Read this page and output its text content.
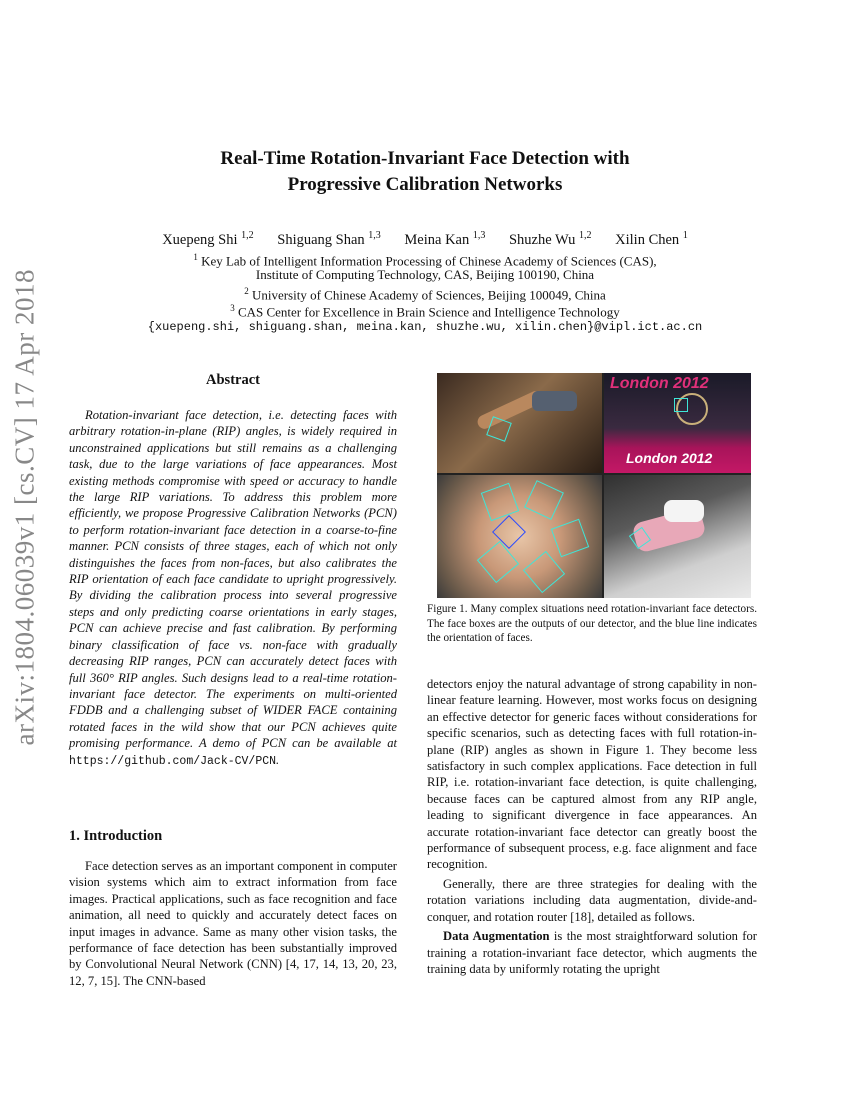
arXiv:1804.06039v1 [cs.CV] 17 Apr 2018
Real-Time Rotation-Invariant Face Detection with
Progressive Calibration Networks
Xuepeng Shi $^{1,2}$ Shiguang Shan $^{1,3}$ Meina Kan $^{1,3}$ Shuzhe Wu $^{1,2}$ Xilin Chen $^1$
$^1$ Key Lab of Intelligent Information Processing of Chinese Academy of Sciences (CAS),
Institute of Computing Technology, CAS, Beijing 100190, China
$^2$ University of Chinese Academy of Sciences, Beijing 100049, China
$^3$ CAS Center for Excellence in Brain Science and Intelligence Technology
{xuepeng.shi, shiguang.shan, meina.kan, shuzhe.wu, xilin.chen}@vipl.ict.ac.cn
Abstract

Rotation-invariant face detection, i.e. detecting faces with arbitrary rotation-in-plane (RIP) angles, is widely required in unconstrained applications but still remains as a challenging task, due to the large variations of face appearances. Most existing methods compromise with speed or accuracy to handle the large RIP variations. To address this problem more efficiently, we propose Progressive Calibration Networks (PCN) to perform rotation-invariant face detection in a coarse-to-fine manner. PCN consists of three stages, each of which not only distinguishes the faces from non-faces, but also calibrates the RIP orientation of each face candidate to upright progressively. By dividing the calibration process into several progressive steps and only predicting coarse orientations in early stages, PCN can achieve precise and fast calibration. By performing binary classification of face vs. non-face with gradually decreasing RIP ranges, PCN can accurately detect faces with full 360° RIP angles. Such designs lead to a real-time rotation-invariant face detector. The experiments on multi-oriented FDDB and a challenging subset of WIDER FACE containing rotated faces in the wild show that our PCN achieves quite promising performance. A demo of PCN can be available at https://github.com/Jack-CV/PCN.

1. Introduction

Face detection serves as an important component in computer vision systems which aim to extract information from face images. Practical applications, such as face recognition and face animation, all need to quickly and accurately detect faces on input images in advance. Same as many other vision tasks, the performance of face detection has been substantially improved by Convolutional Neural Network (CNN) [4, 17, 14, 13, 20, 23, 12, 7, 15]. The CNN-based

London 2012
London 2012

Figure 1. Many complex situations need rotation-invariant face detectors. The face boxes are the outputs of our detector, and the blue line indicates the orientation of faces.

detectors enjoy the natural advantage of strong capability in non-linear feature learning. However, most works focus on designing an effective detector for generic faces without considerations for specific scenarios, such as detecting faces with full rotation-in-plane (RIP) angles as shown in Figure 1. They become less satisfactory in such complex applications. Face detection in full RIP, i.e. rotation-invariant face detection, is quite challenging, because faces can be captured almost from any RIP angle, leading to significant divergence in face appearances. An accurate rotation-invariant face detector can greatly boost the performance of subsequent process, e.g. face alignment and face recognition.

Generally, there are three strategies for dealing with the rotation variations including data augmentation, divide-and-conquer, and rotation router [18], detailed as follows.

Data Augmentation is the most straightforward solution for training a rotation-invariant face detector, which augments the training data by uniformly rotating the upright
